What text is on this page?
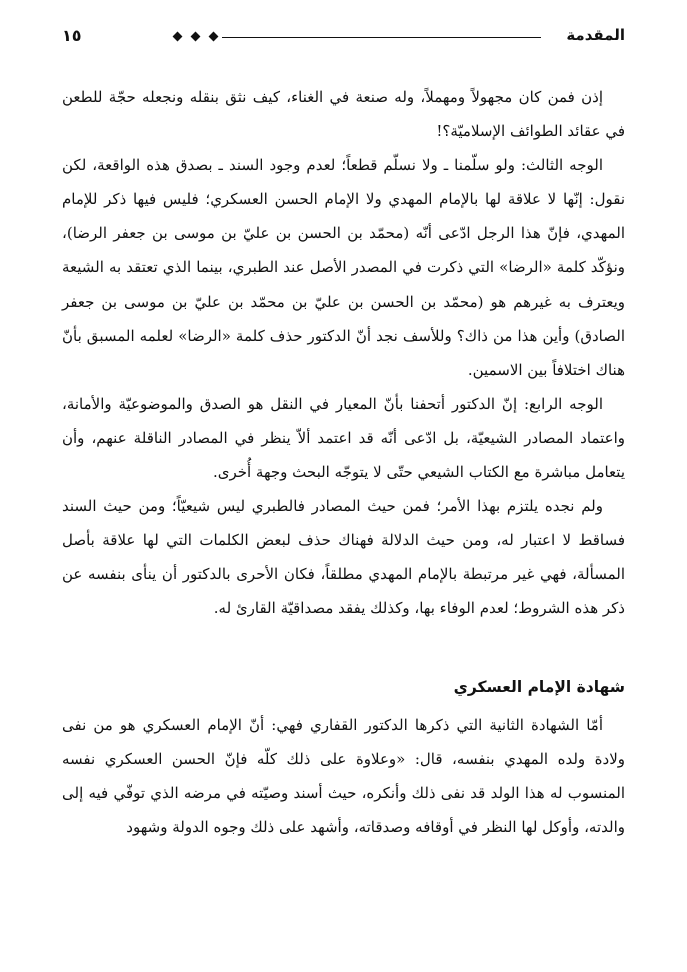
المقدمة
١٥

إذن فمن كان مجهولاً ومهملاً، وله صنعة في الغناء، كيف نثق بنقله ونجعله حجّة للطعن في عقائد الطوائف الإسلاميّة؟!

الوجه الثالث: ولو سلّمنا ـ ولا نسلّم قطعاً؛ لعدم وجود السند ـ بصدق هذه الواقعة، لكن نقول: إنّها لا علاقة لها بالإمام المهدي ولا الإمام الحسن العسكري؛ فليس فيها ذكر للإمام المهدي، فإنّ هذا الرجل ادّعى أنّه (محمّد بن الحسن بن عليّ بن موسى بن جعفر الرضا)، ونؤكّد كلمة «الرضا» التي ذكرت في المصدر الأصل عند الطبري، بينما الذي تعتقد به الشيعة ويعترف به غيرهم هو (محمّد بن الحسن بن عليّ بن محمّد بن عليّ بن موسى بن جعفر الصادق) وأين هذا من ذاك؟ وللأسف نجد أنّ الدكتور حذف كلمة «الرضا» لعلمه المسبق بأنّ هناك اختلافاً بين الاسمين.

الوجه الرابع: إنّ الدكتور أتحفنا بأنّ المعيار في النقل هو الصدق والموضوعيّة والأمانة، واعتماد المصادر الشيعيّة، بل ادّعى أنّه قد اعتمد ألاّ ينظر في المصادر الناقلة عنهم، وأن يتعامل مباشرة مع الكتاب الشيعي حتّى لا يتوجّه البحث وجهة أُخرى.

ولم نجده يلتزم بهذا الأمر؛ فمن حيث المصادر فالطبري ليس شيعيّاً؛ ومن حيث السند فساقط لا اعتبار له، ومن حيث الدلالة فهناك حذف لبعض الكلمات التي لها علاقة بأصل المسألة، فهي غير مرتبطة بالإمام المهدي مطلقاً، فكان الأحرى بالدكتور أن ينأى بنفسه عن ذكر هذه الشروط؛ لعدم الوفاء بها، وكذلك يفقد مصداقيّة القارئ له.

شهادة الإمام العسكري

أمّا الشهادة الثانية التي ذكرها الدكتور القفاري فهي: أنّ الإمام العسكري هو من نفى ولادة ولده المهدي بنفسه، قال: «وعلاوة على ذلك كلّه فإنّ الحسن العسكري نفسه المنسوب له هذا الولد قد نفى ذلك وأنكره، حيث أسند وصيّته في مرضه الذي توفّي فيه إلى والدته، وأوكل لها النظر في أوقافه وصدقاته، وأشهد على ذلك وجوه الدولة وشهود
